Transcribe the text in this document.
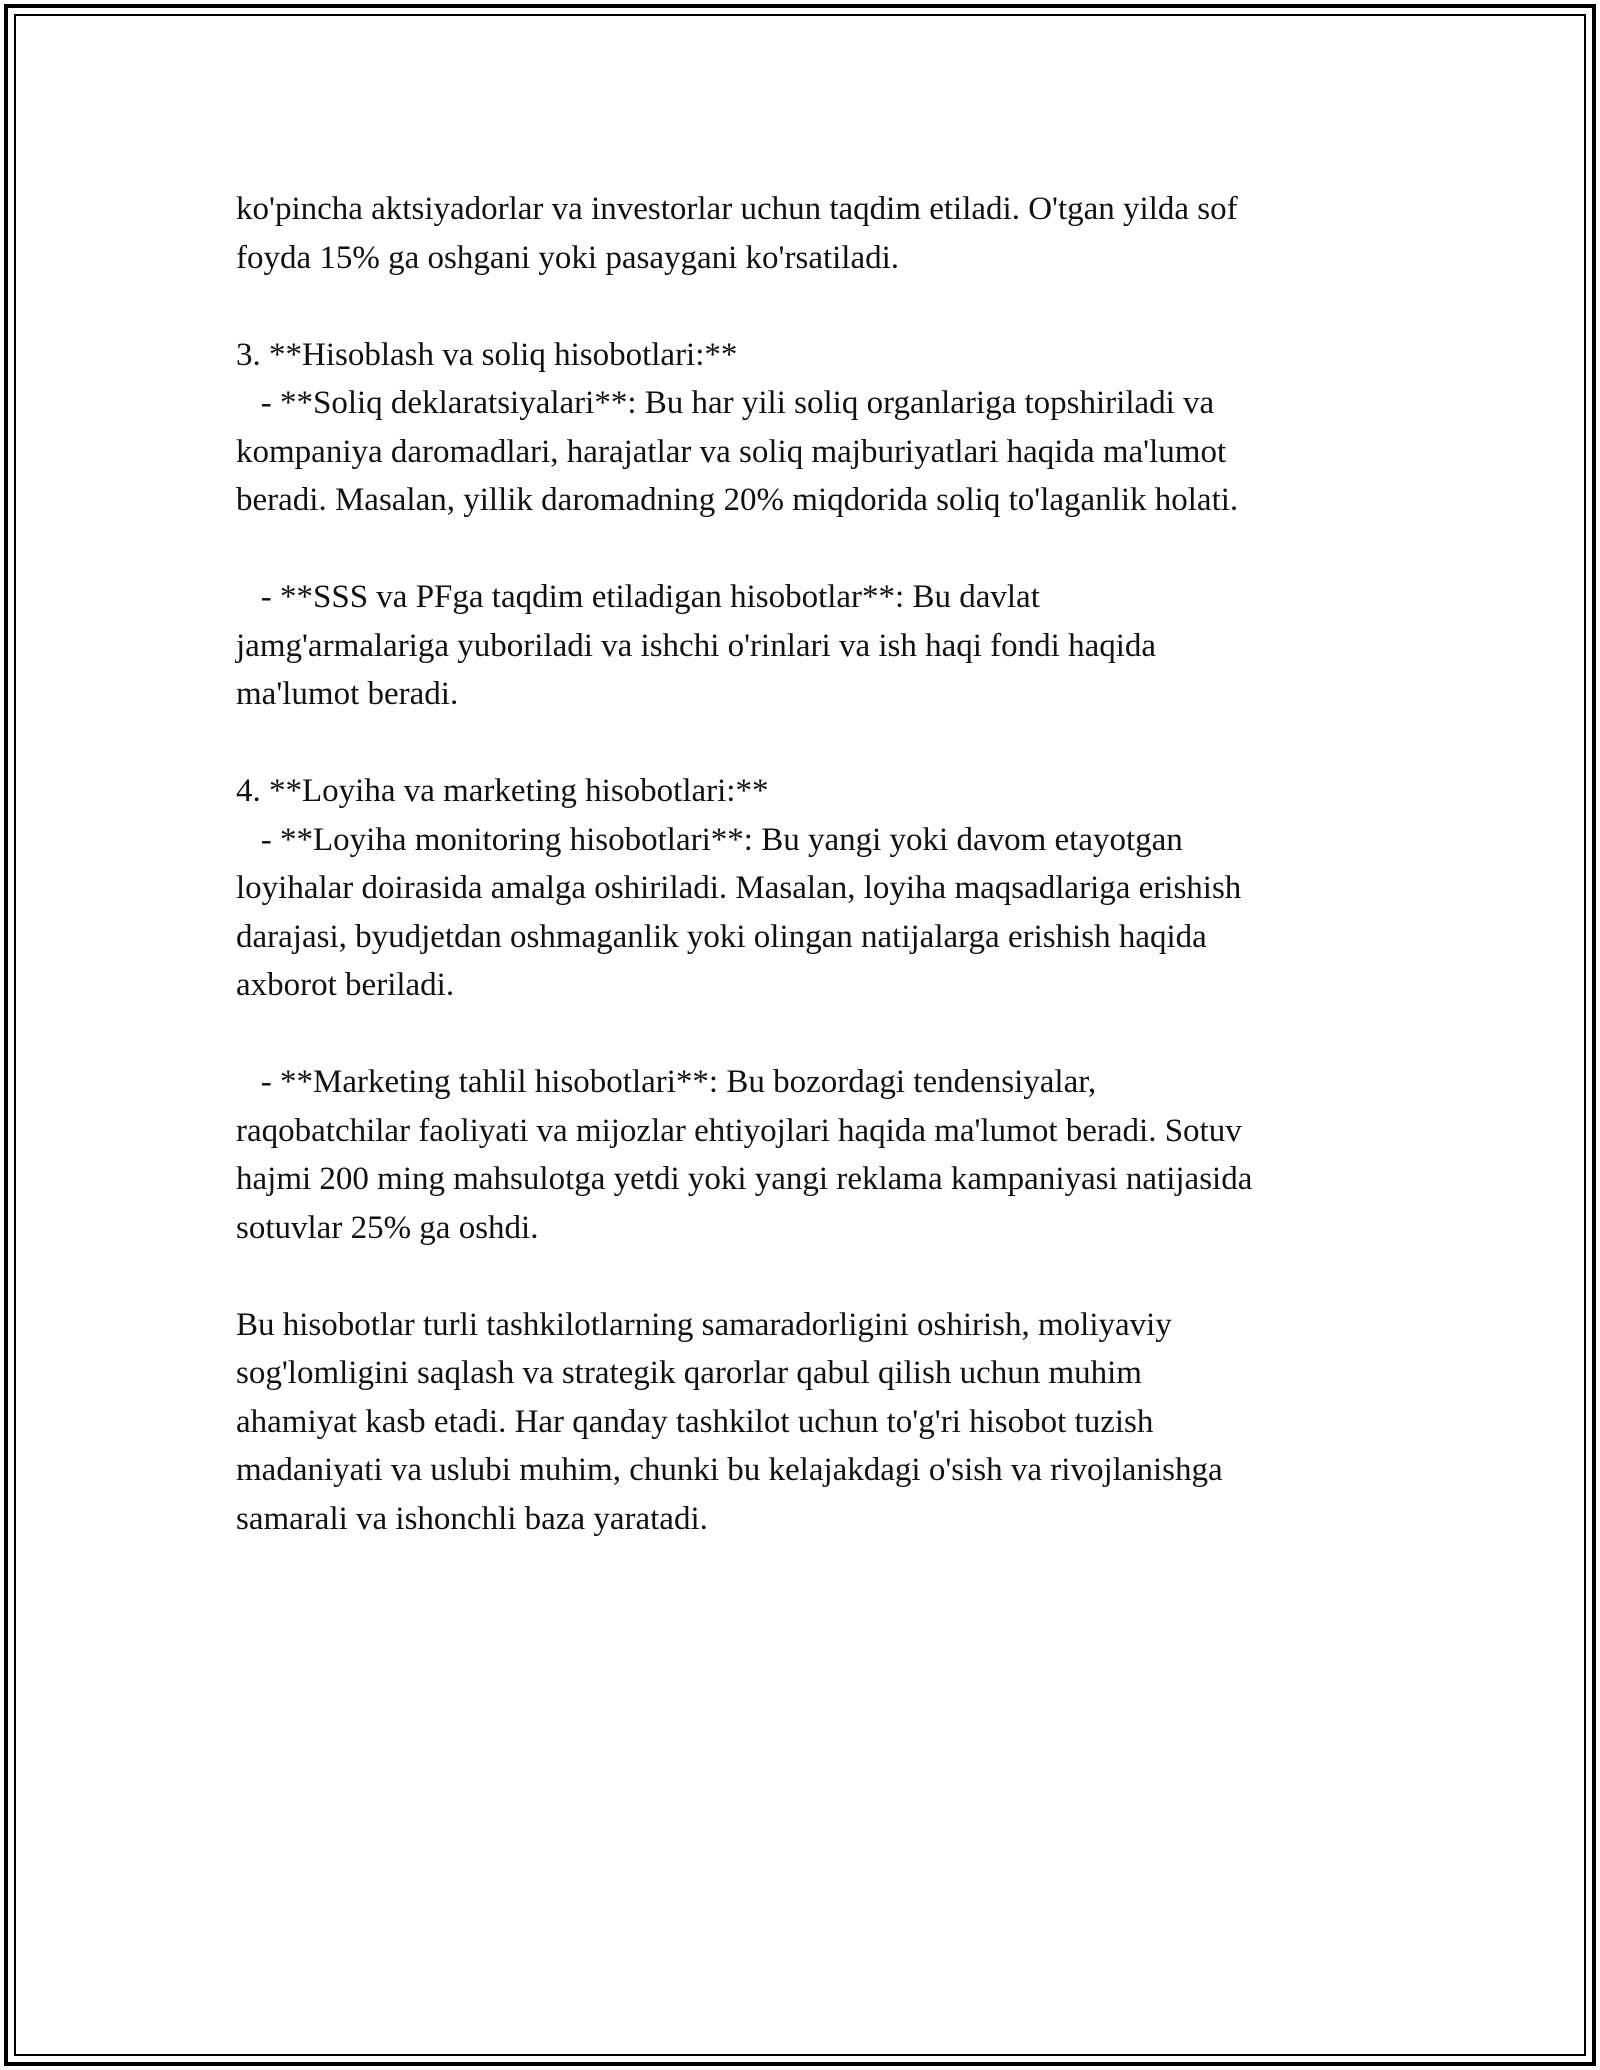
ko'pincha aktsiyadorlar va investorlar uchun taqdim etiladi. O'tgan yilda sof
foyda 15% ga oshgani yoki pasaygani ko'rsatiladi.
3. **Hisoblash va soliq hisobotlari:**
- **Soliq deklaratsiyalari**: Bu har yili soliq organlariga topshiriladi va
kompaniya daromadlari, harajatlar va soliq majburiyatlari haqida ma'lumot
beradi. Masalan, yillik daromadning 20% miqdorida soliq to'laganlik holati.
- **SSS va PFga taqdim etiladigan hisobotlar**: Bu davlat
jamg'armalariga yuboriladi va ishchi o'rinlari va ish haqi fondi haqida
ma'lumot beradi.
4. **Loyiha va marketing hisobotlari:**
- **Loyiha monitoring hisobotlari**: Bu yangi yoki davom etayotgan
loyihalar doirasida amalga oshiriladi. Masalan, loyiha maqsadlariga erishish
darajasi, byudjetdan oshmaganlik yoki olingan natijalarga erishish haqida
axborot beriladi.
- **Marketing tahlil hisobotlari**: Bu bozordagi tendensiyalar,
raqobatchilar faoliyati va mijozlar ehtiyojlari haqida ma'lumot beradi. Sotuv
hajmi 200 ming mahsulotga yetdi yoki yangi reklama kampaniyasi natijasida
sotuvlar 25% ga oshdi.
Bu hisobotlar turli tashkilotlarning samaradorligini oshirish, moliyaviy
sog'lomligini saqlash va strategik qarorlar qabul qilish uchun muhim
ahamiyat kasb etadi. Har qanday tashkilot uchun to'g'ri hisobot tuzish
madaniyati va uslubi muhim, chunki bu kelajakdagi o'sish va rivojlanishga
samarali va ishonchli baza yaratadi.
